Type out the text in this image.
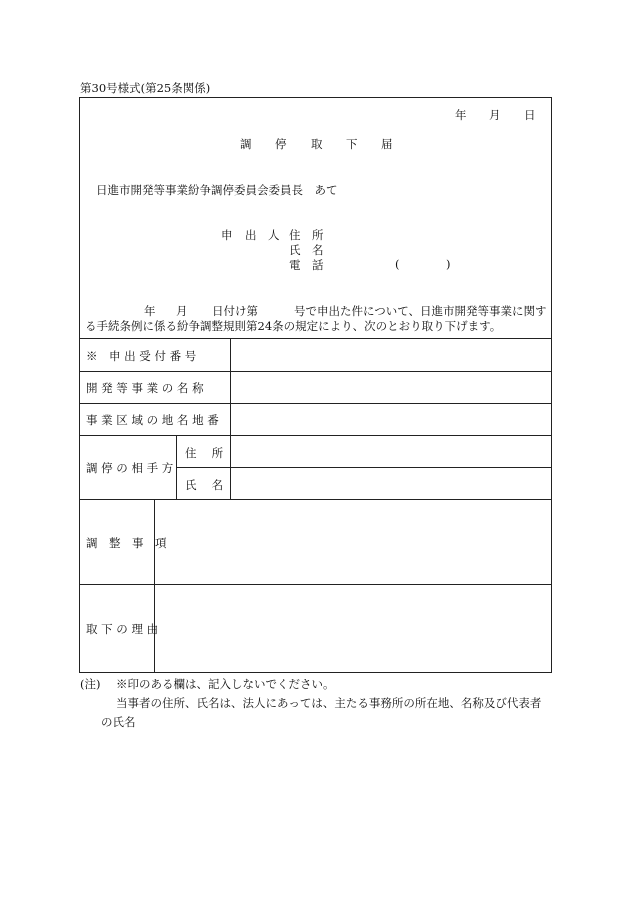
第30号様式(第25条関係)
年 月 日
調 停 取 下 届
日進市開発等事業紛争調停委員会委員長　あて
申 出 人 住　所
氏　名
電　話	(	)
年 月 日付け第	号で申出た件について、日進市開発等事業に関す
る手続条例に係る紛争調整規則第24条の規定により、次のとおり取り下げます。
※　申 出 受 付 番 号
開 発 等 事 業 の 名 称
事 業 区 域 の 地 名 地 番
調 停 の 相 手 方
住　 所
氏　 名
調　整　事　項
取 下 の 理 由
(注) ※印のある欄は、記入しないでください。
当事者の住所、氏名は、法人にあっては、主たる事務所の所在地、名称及び代表者
の氏名
